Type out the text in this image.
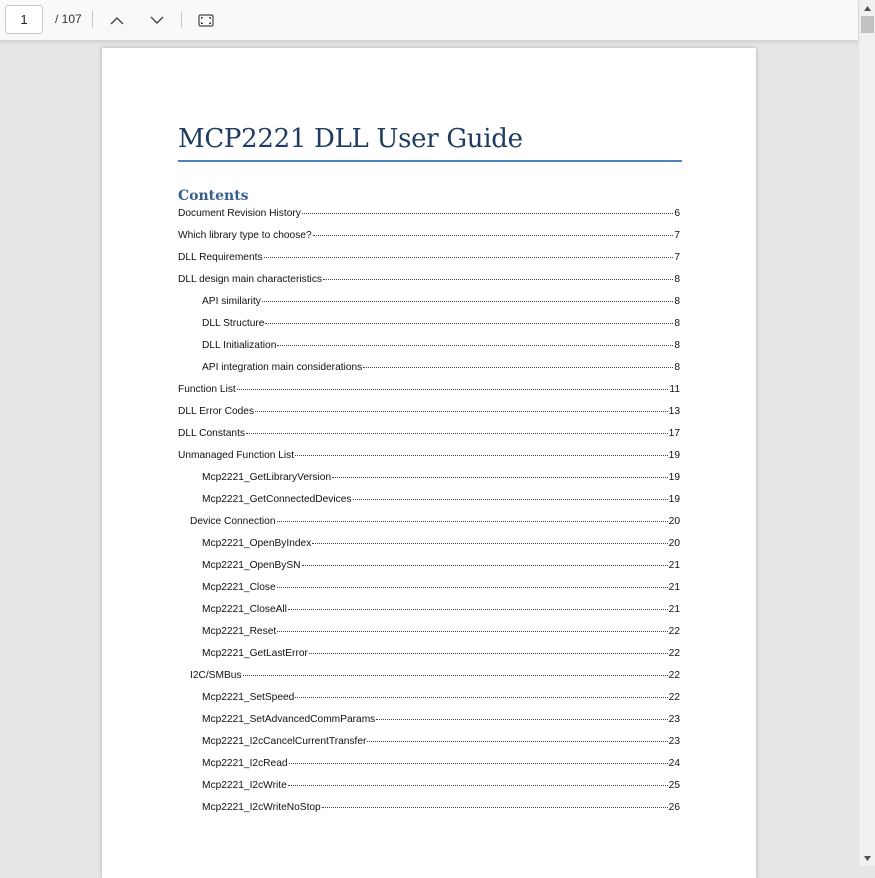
1
/ 107
MCP2221 DLL User Guide
Contents
Document Revision History	6
Which library type to choose?	7
DLL Requirements	7
DLL design main characteristics	8
API similarity	8
DLL Structure	8
DLL Initialization	8
API integration main considerations	8
Function List	11
DLL Error Codes	13
DLL Constants	17
Unmanaged Function List	19
Mcp2221_GetLibraryVersion	19
Mcp2221_GetConnectedDevices	19
Device Connection	20
Mcp2221_OpenByIndex	20
Mcp2221_OpenBySN	21
Mcp2221_Close	21
Mcp2221_CloseAll	21
Mcp2221_Reset	22
Mcp2221_GetLastError	22
I2C/SMBus	22
Mcp2221_SetSpeed	22
Mcp2221_SetAdvancedCommParams	23
Mcp2221_I2cCancelCurrentTransfer	23
Mcp2221_I2cRead	24
Mcp2221_I2cWrite	25
Mcp2221_I2cWriteNoStop	26
